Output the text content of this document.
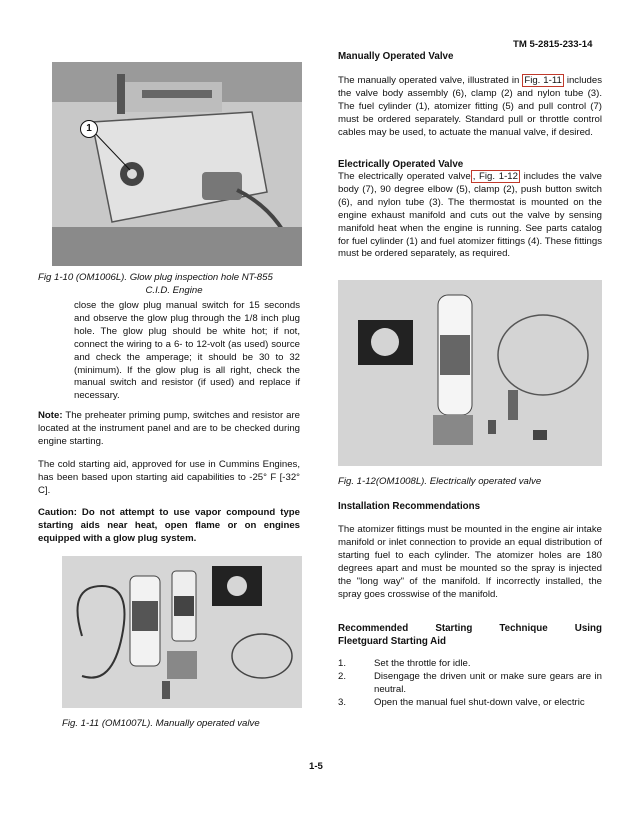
TM 5-2815-233-14
1
Fig 1-10 (OM1006L). Glow plug inspection hole NT-855
C.I.D. Engine

close the glow plug manual switch for 15 seconds and observe the glow plug through the 1/8 inch plug hole. The glow plug should be white hot; if not, connect the wiring to a 6- to 12-volt (as used) source and check the amperage; it should be 30 to 32 (minimum). If the glow plug is all right, check the manual switch and resistor (if used) and replace if necessary.

Note: The preheater priming pump, switches and resistor are located at the instrument panel and are to be checked during engine starting.

The cold starting aid, approved for use in Cummins Engines, has been based upon starting aid capabilities to -25° F [-32° C].

Caution: Do not attempt to use vapor compound type starting aids near heat, open flame or on engines equipped with a glow plug system.

Fig. 1-11 (OM1007L). Manually operated valve
Manually Operated Valve

The manually operated valve, illustrated in Fig. 1-11 includes the valve body assembly (6), clamp (2) and nylon tube (3). The fuel cylinder (1), atomizer fitting (5) and pull control (7) must be ordered separately. Standard pull or throttle control cables may be used, to actuate the manual valve, if desired.

Electrically Operated Valve

The electrically operated valve , Fig. 1-12 includes the valve body (7), 90 degree elbow (5), clamp (2), push button switch (6), and nylon tube (3). The thermostat is mounted on the engine exhaust manifold and cuts out the valve by sensing manifold heat when the engine is running. See parts catalog for fuel cylinder (1) and fuel atomizer fittings (4). These fittings must be ordered separately, as required.

Fig. 1-12(OM1008L). Electrically operated valve
Installation Recommendations

The atomizer fittings must be mounted in the engine air intake manifold or inlet connection to provide an equal distribution of starting fuel to each cylinder. The atomizer holes are 180 degrees apart and must be mounted so the spray is injected the "long way" of the manifold. If incorrectly installed, the spray goes crosswise of the manifold.

Recommended	Starting	Technique	Using
Fleetguard Starting Aid
1.	Set the throttle for idle.
2.	Disengage the driven unit or make sure gears are in neutral.
3.	Open the manual fuel shut-down valve, or electric
1-5
